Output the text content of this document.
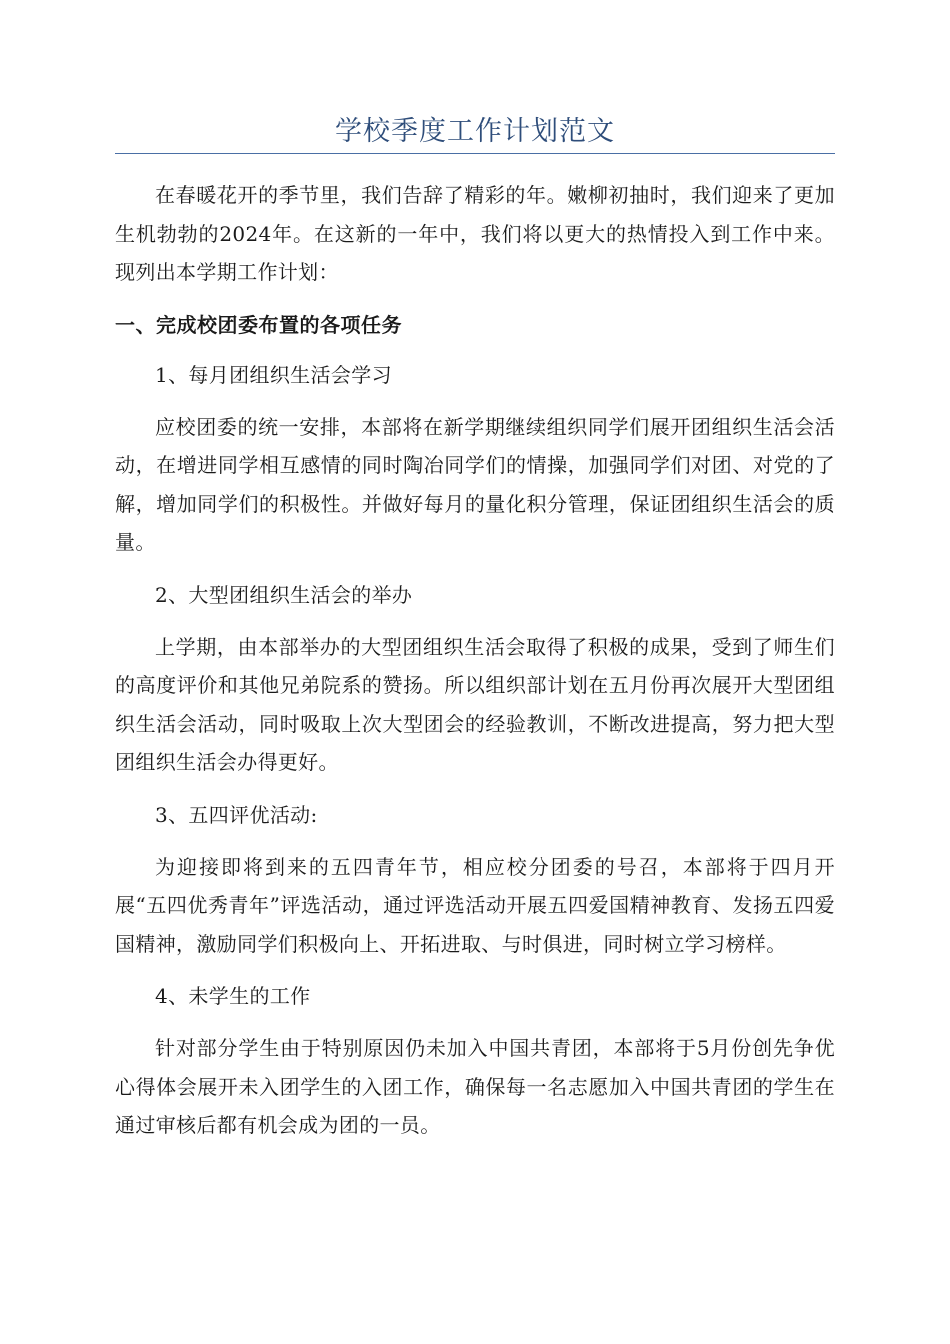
学校季度工作计划范文

在春暖花开的季节里，我们告辞了精彩的年。嫩柳初抽时，我们迎来了更加生机勃勃的2024年。在这新的一年中，我们将以更大的热情投入到工作中来。现列出本学期工作计划：

一、完成校团委布置的各项任务
1、每月团组织生活会学习

应校团委的统一安排，本部将在新学期继续组织同学们展开团组织生活会活动，在增进同学相互感情的同时陶冶同学们的情操，加强同学们对团、对党的了解，增加同学们的积极性。并做好每月的量化积分管理，保证团组织生活会的质量。

2、大型团组织生活会的举办

上学期，由本部举办的大型团组织生活会取得了积极的成果，受到了师生们的高度评价和其他兄弟院系的赞扬。所以组织部计划在五月份再次展开大型团组织生活会活动，同时吸取上次大型团会的经验教训，不断改进提高，努力把大型团组织生活会办得更好。

3、五四评优活动:

为迎接即将到来的五四青年节，相应校分团委的号召，本部将于四月开展“五四优秀青年”评选活动，通过评选活动开展五四爱国精神教育、发扬五四爱国精神，激励同学们积极向上、开拓进取、与时俱进，同时树立学习榜样。

4、未学生的工作

针对部分学生由于特别原因仍未加入中国共青团，本部将于5月份创先争优心得体会展开未入团学生的入团工作，确保每一名志愿加入中国共青团的学生在通过审核后都有机会成为团的一员。
